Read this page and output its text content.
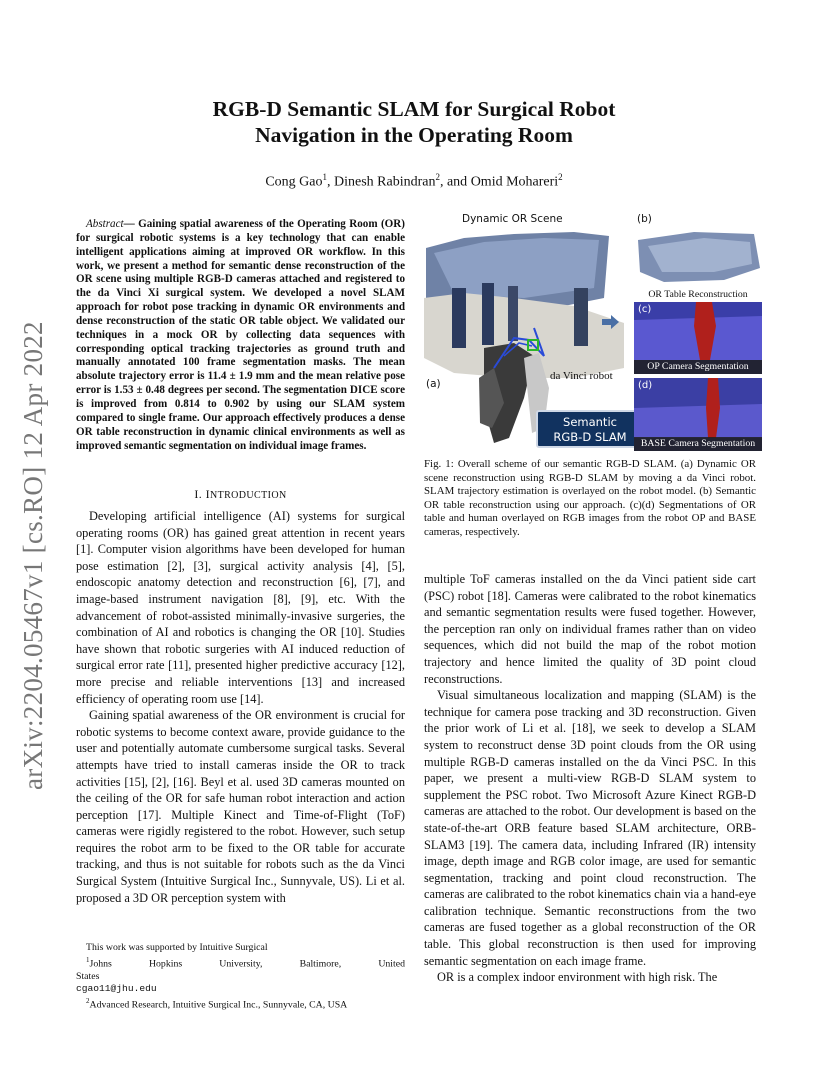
arXiv:2204.05467v1 [cs.RO] 12 Apr 2022
RGB-D Semantic SLAM for Surgical Robot
Navigation in the Operating Room
Cong Gao$^1$, Dinesh Rabindran$^2$, and Omid Mohareri$^2$
Abstract— Gaining spatial awareness of the Operating Room (OR) for surgical robotic systems is a key technology that can enable intelligent applications aiming at improved OR workflow. In this work, we present a method for semantic dense reconstruction of the OR scene using multiple RGB-D cameras attached and registered to the da Vinci Xi surgical system. We developed a novel SLAM approach for robot pose tracking in dynamic OR environments and dense reconstruction of the static OR table object. We validated our techniques in a mock OR by collecting data sequences with corresponding optical tracking trajectories as ground truth and manually annotated 100 frame segmentation masks. The mean absolute trajectory error is 11.4 ± 1.9 mm and the mean relative pose error is 1.53 ± 0.48 degrees per second. The segmentation DICE score is improved from 0.814 to 0.902 by using our SLAM system compared to single frame. Our approach effectively produces a dense OR table reconstruction in dynamic clinical environments as well as improved semantic segmentation on individual image frames.
I. INTRODUCTION

Developing artificial intelligence (AI) systems for surgical operating rooms (OR) has gained great attention in recent years [1]. Computer vision algorithms have been developed for human pose estimation [2], [3], surgical activity analysis [4], [5], endoscopic anatomy detection and reconstruction [6], [7], and image-based instrument navigation [8], [9], etc. With the advancement of robot-assisted minimally-invasive surgeries, the combination of AI and robotics is changing the OR [10]. Studies have shown that robotic surgeries with AI induced reduction of surgical error rate [11], presented higher predictive accuracy [12], more precise and reliable interventions [13] and increased efficiency of operating room use [14].

Gaining spatial awareness of the OR environment is crucial for robotic systems to become context aware, provide guidance to the user and potentially automate cumbersome surgical tasks. Several attempts have tried to install cameras inside the OR to track activities [15], [2], [16]. Beyl et al. used 3D cameras mounted on the ceiling of the OR for safe human robot interaction and action perception [17]. Multiple Kinect and Time-of-Flight (ToF) cameras were rigidly registered to the robot. However, such setup requires the robot arm to be fixed to the OR table for accurate tracking, and thus is not suitable for robots such as the da Vinci Surgical System (Intuitive Surgical Inc., Sunnyvale, US). Li et al. proposed a 3D OR perception system with

This work was supported by Intuitive Surgical
$^1$Johns Hopkins University, Baltimore, United States
cgao11@jhu.edu
$^2$Advanced Research, Intuitive Surgical Inc., Sunnyvale, CA, USA
Dynamic OR Scene	(b)
(a)
da Vinci robot
Semantic
RGB-D SLAM
OR Table Reconstruction
(c)
OP Camera Segmentation
(d)
BASE Camera Segmentation
Fig. 1: Overall scheme of our semantic RGB-D SLAM. (a) Dynamic OR scene reconstruction using RGB-D SLAM by moving a da Vinci robot. SLAM trajectory estimation is overlayed on the robot model. (b) Semantic OR table reconstruction using our approach. (c)(d) Segmentations of OR table and human overlayed on RGB images from the robot OP and BASE cameras, respectively.

multiple ToF cameras installed on the da Vinci patient side cart (PSC) robot [18]. Cameras were calibrated to the robot kinematics and semantic segmentation results were fused together. However, the perception ran only on individual frames rather than on video sequences, which did not build the map of the robot motion trajectory and hence limited the quality of 3D point cloud reconstructions.

Visual simultaneous localization and mapping (SLAM) is the technique for camera pose tracking and 3D reconstruction. Given the prior work of Li et al. [18], we seek to develop a SLAM system to reconstruct dense 3D point clouds from the OR using multiple RGB-D cameras installed on the da Vinci PSC. In this paper, we present a multi-view RGB-D SLAM system to supplement the PSC robot. Two Microsoft Azure Kinect RGB-D cameras are attached to the robot. Our development is based on the state-of-the-art ORB feature based SLAM architecture, ORB-SLAM3 [19]. The camera data, including Infrared (IR) intensity image, depth image and RGB color image, are used for semantic segmentation, tracking and point cloud reconstruction. The cameras are calibrated to the robot kinematics chain via a hand-eye calibration technique. Semantic reconstructions from the two cameras are fused together as a global reconstruction of the OR table. This global reconstruction is then used for improving semantic segmentation on each image frame.

OR is a complex indoor environment with high risk. The
